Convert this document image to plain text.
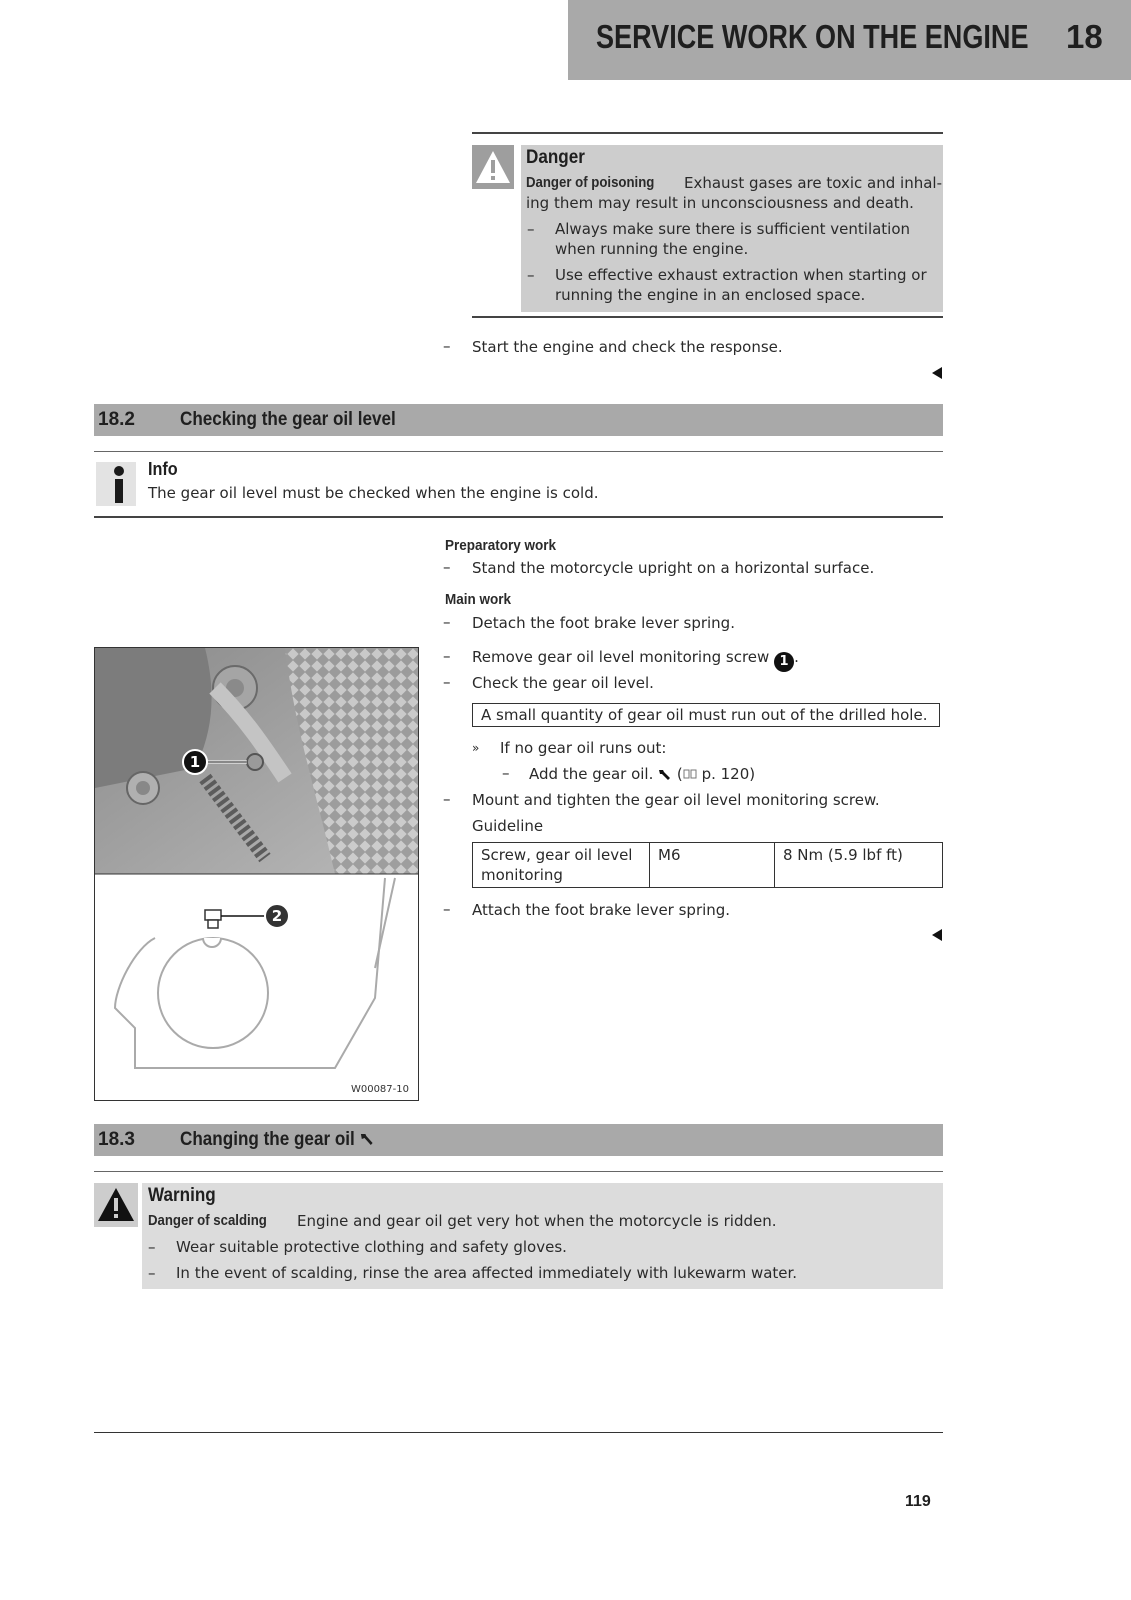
SERVICE WORK ON THE ENGINE 18
Danger
Danger of poisoning Exhaust gases are toxic and inhal-
ing them may result in unconsciousness and death.
– Always make sure there is sufficient ventilation
when running the engine.
– Use effective exhaust extraction when starting or
running the engine in an enclosed space.
– Start the engine and check the response.
18.2 Checking the gear oil level
Info
The gear oil level must be checked when the engine is cold.
Preparatory work
– Stand the motorcycle upright on a horizontal surface.
Main work
– Detach the foot brake lever spring.
– Remove gear oil level monitoring screw 1 .
– Check the gear oil level.
A small quantity of gear oil must run out of the drilled hole.
» If no gear oil runs out:
– Add the gear oil. ( p. 120)
– Mount and tighten the gear oil level monitoring screw.
Guideline
Screw, gear oil level
monitoring
	M6	8 Nm (5.9 lbf ft)
– Attach the foot brake lever spring.
1
2
W00087-10
18.3 Changing the gear oil
Warning
Danger of scalding Engine and gear oil get very hot when the motorcycle is ridden.
– Wear suitable protective clothing and safety gloves.
– In the event of scalding, rinse the area affected immediately with lukewarm water.
119
